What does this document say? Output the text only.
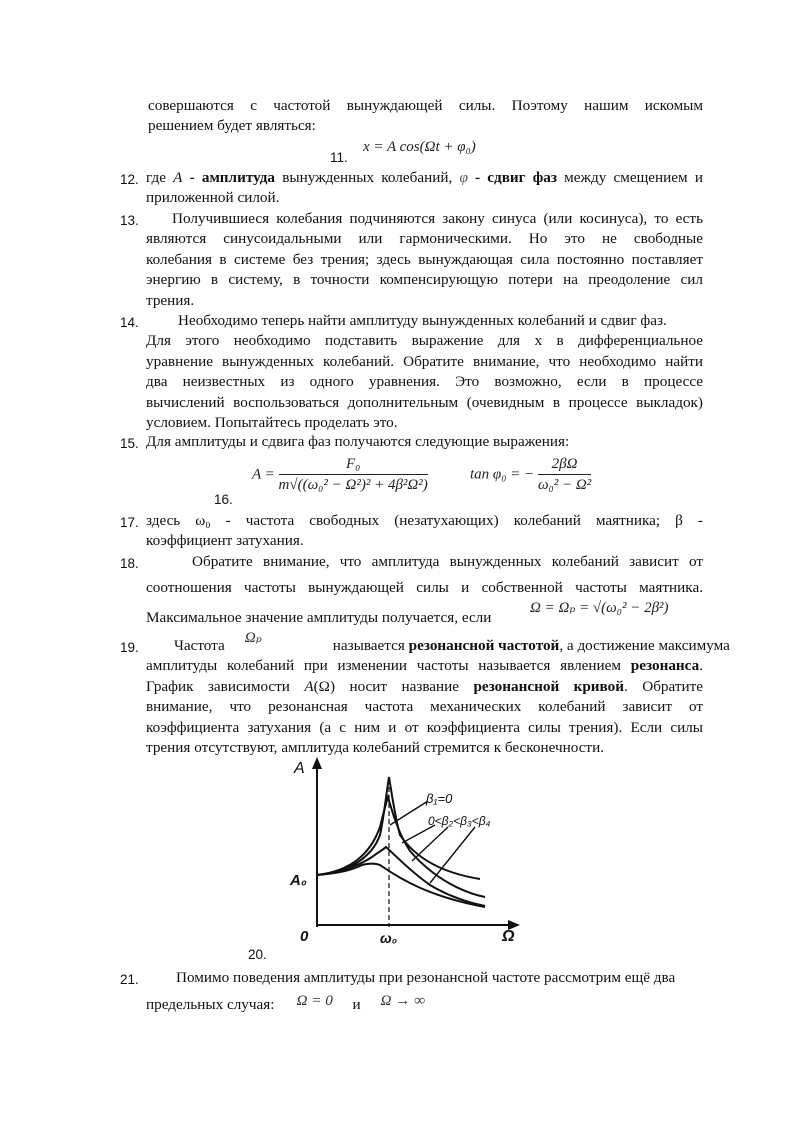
совершаются с частотой вынуждающей силы. Поэтому нашим искомым
решением будет являться:
11.
x = A cos(Ωt + φ₀)
12. где A - амплитуда вынужденных колебаний, φ - сдвиг фаз между смещением и
приложенной силой.
13.	Получившиеся колебания подчиняются закону синуса (или косинуса), то есть
являются синусоидальными или гармоническими. Но это не свободные
колебания в системе без трения; здесь вынуждающая сила постоянно поставляет
энергию в систему, в точности компенсирующую потери на преодоление сил
трения.
14.	Необходимо теперь найти амплитуду вынужденных колебаний и сдвиг фаз.
Для этого необходимо подставить выражение для x в дифференциальное
уравнение вынужденных колебаний. Обратите внимание, что необходимо найти
два неизвестных из одного уравнения. Это возможно, если в процессе
вычислений воспользоваться дополнительным (очевидным в процессе выкладок)
условием. Попытайтесь проделать это.
15. Для амплитуды и сдвига фаз получаются следующие выражения:
16.
$A = \frac{\text{F₀}}{\text{m√((ω₀² − Ω²)² + 4β²Ω²)}}$	tan φ₀ = − $\frac{2\beta\Omega}{\text{ω₀² − Ω²}}$
17. здесь ω₀ - частота свободных (незатухающих) колебаний маятника; β -
коэффициент затухания.
18.	Обратите внимание, что амплитуда вынужденных колебаний зависит от
соотношения частоты вынуждающей силы и собственной частоты маятника.
Максимальное значение амплитуды получается, если
Ω = Ωₚ = √(ω₀² − 2β²)
19.	Частота Ωₚ	называется резонансной частотой, а достижение максимума
амплитуды колебаний при изменении частоты называется явлением резонанса.
График зависимости A(Ω) носит название резонансной кривой. Обратите
внимание, что резонансная частота механических колебаний зависит от
коэффициента затухания (а с ним и от коэффициента силы трения). Если силы
трения отсутствуют, амплитуда колебаний стремится к бесконечности.
A
Ω
0
A₀
ω₀
β₁=0
0<β₂<β₃<β₄
20.
21.	Помимо поведения амплитуды при резонансной частоте рассмотрим ещё два
предельных случая: Ω = 0 и Ω → ∞
